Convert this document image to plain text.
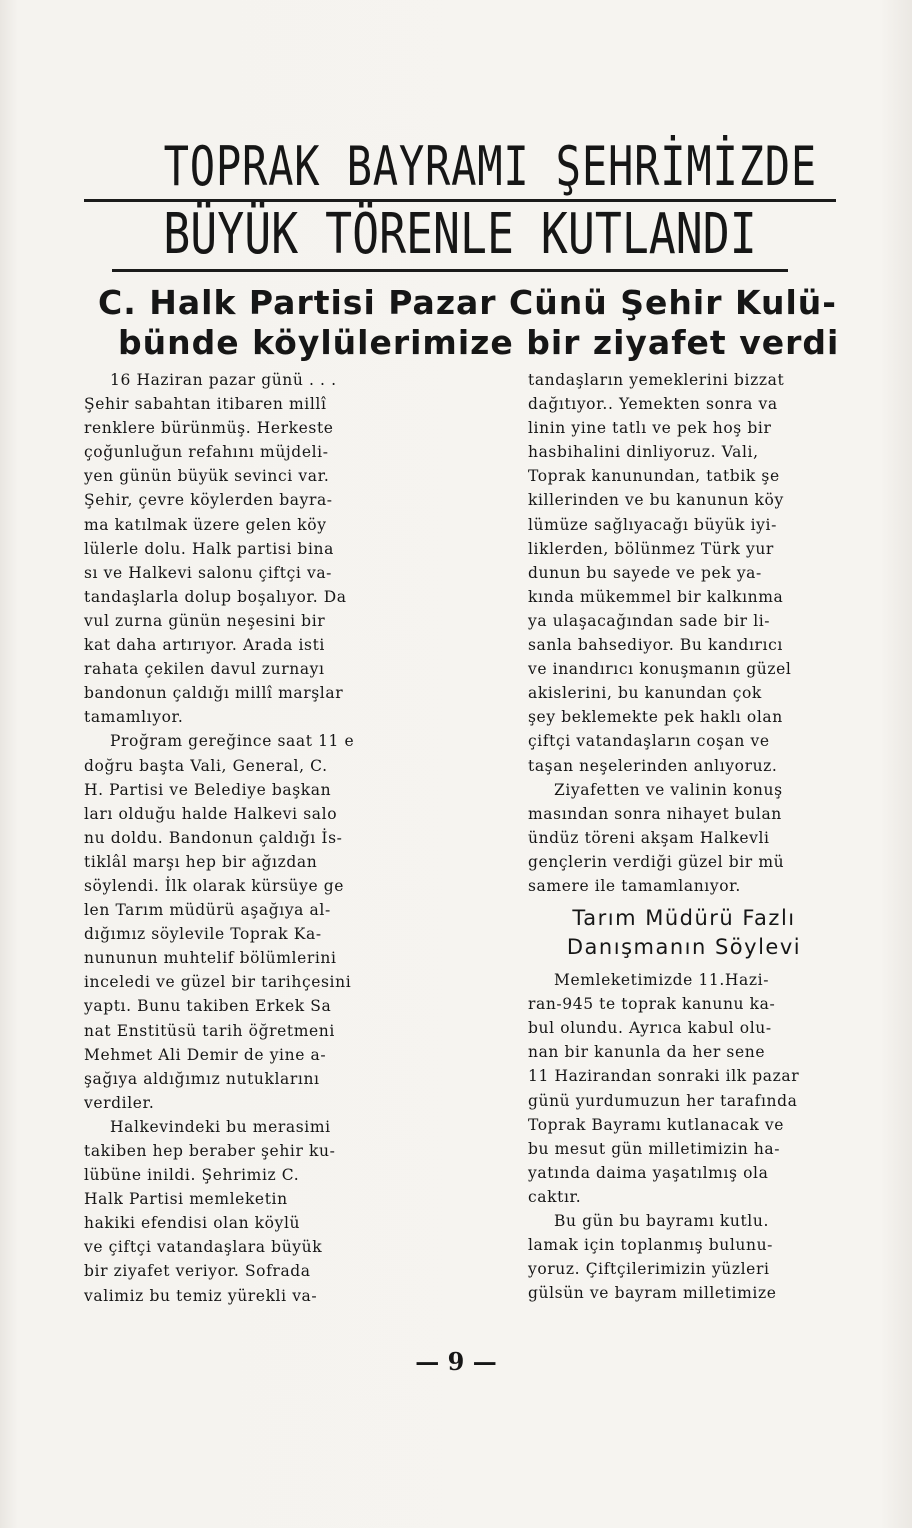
TOPRAK BAYRAMI ŞEHRİMİZDE
BÜYÜK TÖRENLE KUTLANDI
C. Halk Partisi Pazar Cünü Şehir Kulü-
bünde köylülerimize bir ziyafet verdi
16 Haziran pazar günü . . .
Şehir sabahtan itibaren millî
renklere bürünmüş. Herkeste
çoğunluğun refahını müjdeli-
yen günün büyük sevinci var.
Şehir, çevre köylerden bayra-
ma katılmak üzere gelen köy
lülerle dolu. Halk partisi bina
sı ve Halkevi salonu çiftçi va-
tandaşlarla dolup boşalıyor. Da
vul zurna günün neşesini bir
kat daha artırıyor. Arada isti
rahata çekilen davul zurnayı
bandonun çaldığı millî marşlar
tamamlıyor.
Proğram gereğince saat 11 e
doğru başta Vali, General, C.
H. Partisi ve Belediye başkan
ları olduğu halde Halkevi salo
nu doldu. Bandonun çaldığı İs-
tiklâl marşı hep bir ağızdan
söylendi. İlk olarak kürsüye ge
len Tarım müdürü aşağıya al-
dığımız söylevile Toprak Ka-
nununun muhtelif bölümlerini
inceledi ve güzel bir tarihçesini
yaptı. Bunu takiben Erkek Sa
nat Enstitüsü tarih öğretmeni
Mehmet Ali Demir de yine a-
şağıya aldığımız nutuklarını
verdiler.
Halkevindeki bu merasimi
takiben hep beraber şehir ku-
lübüne inildi. Şehrimiz C.
Halk Partisi memleketin
hakiki efendisi olan köylü
ve çiftçi vatandaşlara büyük
bir ziyafet veriyor. Sofrada
valimiz bu temiz yürekli va-
tandaşların yemeklerini bizzat
dağıtıyor.. Yemekten sonra va
linin yine tatlı ve pek hoş bir
hasbihalini dinliyoruz. Vali,
Toprak kanunundan, tatbik şe
killerinden ve bu kanunun köy
lümüze sağlıyacağı büyük iyi-
liklerden, bölünmez Türk yur
dunun bu sayede ve pek ya-
kında mükemmel bir kalkınma
ya ulaşacağından sade bir li-
sanla bahsediyor. Bu kandırıcı
ve inandırıcı konuşmanın güzel
akislerini, bu kanundan çok
şey beklemekte pek haklı olan
çiftçi vatandaşların coşan ve
taşan neşelerinden anlıyoruz.
Ziyafetten ve valinin konuş
masından sonra nihayet bulan
ündüz töreni akşam Halkevli
gençlerin verdiği güzel bir mü
samere ile tamamlanıyor.
Tarım Müdürü Fazlı
Danışmanın Söylevi
Memleketimizde 11.Hazi-
ran-945 te toprak kanunu ka-
bul olundu. Ayrıca kabul olu-
nan bir kanunla da her sene
11 Hazirandan sonraki ilk pazar
günü yurdumuzun her tarafında
Toprak Bayramı kutlanacak ve
bu mesut gün milletimizin ha-
yatında daima yaşatılmış ola
caktır.
Bu gün bu bayramı kutlu.
lamak için toplanmış bulunu-
yoruz. Çiftçilerimizin yüzleri
gülsün ve bayram milletimize
— 9 —
